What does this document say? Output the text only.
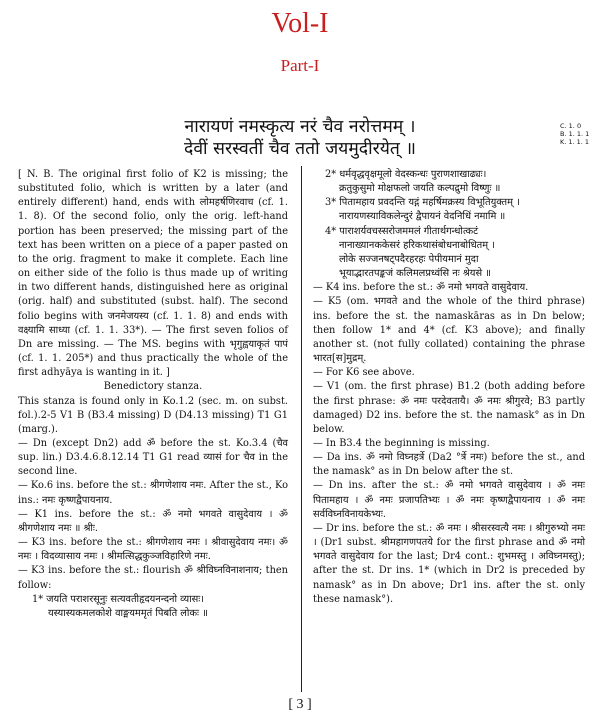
Vol-I
Part-I
नारायणं नमस्कृत्य नरं चैव नरोत्तमम् ।
देवीं सरस्वतीं चैव ततो जयमुदीरयेत् ॥
C. 1. 0
B. 1. 1. 1
K. 1. 1. 1

[ N. B. The original first folio of K2 is missing; the substituted folio, which is written by a later (and entirely different) hand, ends with लोमहर्षणिरवाच (cf. 1. 1. 8). Of the second folio, only the orig. left-hand portion has been preserved; the missing part of the text has been written on a piece of a paper pasted on to the orig. fragment to make it complete. Each line on either side of the folio is thus made up of writing in two different hands, distinguished here as original (orig. half) and substituted (subst. half). The second folio begins with जनमेजयस्य (cf. 1. 1. 8) and ends with वक्ष्यामि साध्या (cf. 1. 1. 33*). — The first seven folios of Dn are missing. — The MS. begins with भृगुह्वयाकृतं पापं (cf. 1. 1. 205*) and thus practically the whole of the first adhyāya is wanting in it. ]

Benedictory stanza.

This stanza is found only in Ko.1.2 (sec. m. on subst. fol.).2-5 V1 B (B3.4 missing) D (D4.13 missing) T1 G1 (marg.).

— Dn (except Dn2) add ॐ before the st. Ko.3.4 (चैव sup. lin.) D3.4.6.8.12.14 T1 G1 read व्यासं for चैव in the second line.

— Ko.6 ins. before the st.: श्रीगणेशाय नमः. After the st., Ko ins.: नमः कृष्णद्वैपायनाय.

— K1 ins. before the st.: ॐ नमो भगवते वासुदेवाय । ॐ श्रीगणेशाय नमः ॥ श्रीः.

— K3 ins. before the st.: श्रीगणेशाय नमः । श्रीवासुदेवाय नमः। ॐ नमः । विदव्यासाय नमः । श्रीमत्सिद्धकुञ्जविहारिणे नमः.

— K3 ins. before the st.: flourish ॐ श्रीविघ्नविनाशनाय; then follow:

1* जयति पराशरसूनुः सत्यवतीहृदयनन्दनो व्यासः।
यस्यास्यकमलकोशे वाङ्मयममृतं पिबति लोकः ॥
2* धर्मवृद्धवृक्षमूलो वेदस्कन्धः पुराणशाखाढ्यः।
क्रतुकुसुमो मोक्षफलो जयति कल्पद्रुमो विष्णुः ॥
3* पितामहाय प्रवदन्ति यद्गं महर्षिमक्रस्य विभूतियुक्तम् ।
नारायणस्याविकलेन्दुरं द्वैपायनं वेदनिधिं नमामि ॥
4* पाराशर्यवचस्सरोजममलं गीतार्थगन्धोत्कटं
नानाख्यानककेसरं हरिकथासंबोधनाबोधितम् ।
लोके सज्जनषट्पदैरहरहः पेपीयमानं मुदा
भूयाद्भारतपङ्कजं कलिमलप्रध्वंसि नः श्रेयसे ॥

— K4 ins. before the st.: ॐ नमो भगवते वासुदेवाय.

— K5 (om. भगवते and the whole of the third phrase) ins. before the st. the namaskāras as in Dn below; then follow 1* and 4* (cf. K3 above); and finally another st. (not fully collated) containing the phrase भारत[स]मुद्रम्.

— For K6 see above.

— V1 (om. the first phrase) B1.2 (both adding before the first phrase: ॐ नमः परदेवतायै। ॐ नमः श्रीगुरवे; B3 partly damaged) D2 ins. before the st. the namask° as in Dn below.

— In B3.4 the beginning is missing.

— Da ins. ॐ नमो विघ्नहर्त्रे (Da2 °र्त्रे नमः) before the st., and the namask° as in Dn below after the st.

— Dn ins. after the st.: ॐ नमो भगवते वासुदेवाय । ॐ नमः पितामहाय । ॐ नमः प्रजापतिभ्यः । ॐ नमः कृष्णद्वैपायनाय । ॐ नमः सर्वविघ्नविनायकेभ्यः.

— Dr ins. before the st.: ॐ नमः । श्रीसरस्वत्यै नमः । श्रीगुरुभ्यो नमः । (Dr1 subst. श्रीमहागणपतये for the first phrase and ॐ नमो भगवते वासुदेवाय for the last; Dr4 cont.: शुभमस्तु । अविघ्नमस्तु); after the st. Dr ins. 1* (which in Dr2 is preceded by namask° as in Dn above; Dr1 ins. after the st. only these namask°).

[ 3 ]
